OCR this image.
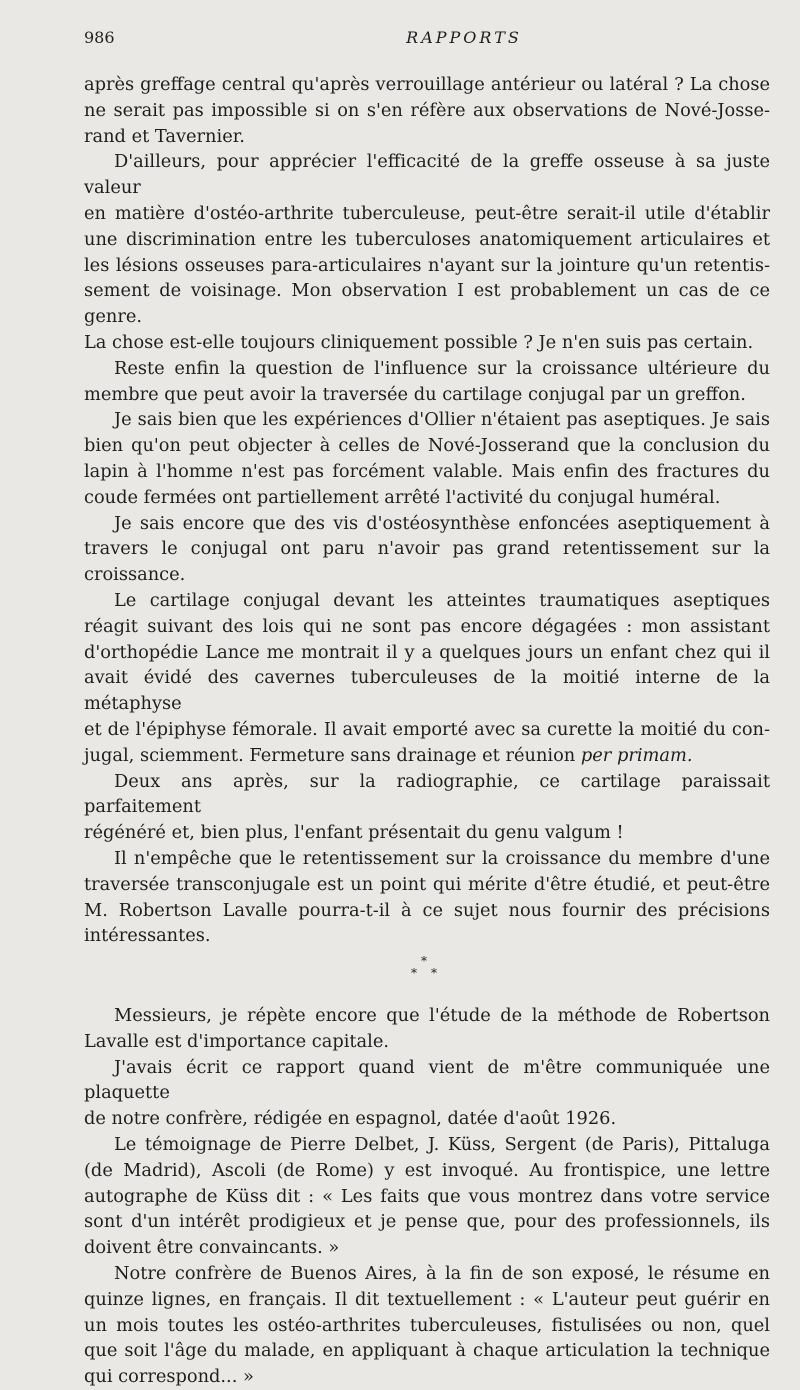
986	RAPPORTS

après greffage central qu'après verrouillage antérieur ou latéral ? La chose
ne serait pas impossible si on s'en réfère aux observations de Nové-Josse-
rand et Tavernier.

D'ailleurs, pour apprécier l'efficacité de la greffe osseuse à sa juste valeur
en matière d'ostéo-arthrite tuberculeuse, peut-être serait-il utile d'établir
une discrimination entre les tuberculoses anatomiquement articulaires et
les lésions osseuses para-articulaires n'ayant sur la jointure qu'un retentis-
sement de voisinage. Mon observation I est probablement un cas de ce genre.
La chose est-elle toujours cliniquement possible ? Je n'en suis pas certain.

Reste enfin la question de l'influence sur la croissance ultérieure du
membre que peut avoir la traversée du cartilage conjugal par un greffon.

Je sais bien que les expériences d'Ollier n'étaient pas aseptiques. Je sais
bien qu'on peut objecter à celles de Nové-Josserand que la conclusion du
lapin à l'homme n'est pas forcément valable. Mais enfin des fractures du
coude fermées ont partiellement arrêté l'activité du conjugal huméral.

Je sais encore que des vis d'ostéosynthèse enfoncées aseptiquement à
travers le conjugal ont paru n'avoir pas grand retentissement sur la
croissance.

Le cartilage conjugal devant les atteintes traumatiques aseptiques
réagit suivant des lois qui ne sont pas encore dégagées : mon assistant
d'orthopédie Lance me montrait il y a quelques jours un enfant chez qui il
avait évidé des cavernes tuberculeuses de la moitié interne de la métaphyse
et de l'épiphyse fémorale. Il avait emporté avec sa curette la moitié du con-
jugal, sciemment. Fermeture sans drainage et réunion per primam.

Deux ans après, sur la radiographie, ce cartilage paraissait parfaitement
régénéré et, bien plus, l'enfant présentait du genu valgum !

Il n'empêche que le retentissement sur la croissance du membre d'une
traversée transconjugale est un point qui mérite d'être étudié, et peut-être
M. Robertson Lavalle pourra-t-il à ce sujet nous fournir des précisions
intéressantes.

*
* *

Messieurs, je répète encore que l'étude de la méthode de Robertson
Lavalle est d'importance capitale.

J'avais écrit ce rapport quand vient de m'être communiquée une plaquette
de notre confrère, rédigée en espagnol, datée d'août 1926.

Le témoignage de Pierre Delbet, J. Küss, Sergent (de Paris), Pittaluga
(de Madrid), Ascoli (de Rome) y est invoqué. Au frontispice, une lettre
autographe de Küss dit : « Les faits que vous montrez dans votre service
sont d'un intérêt prodigieux et je pense que, pour des professionnels, ils
doivent être convaincants. »

Notre confrère de Buenos Aires, à la fin de son exposé, le résume en
quinze lignes, en français. Il dit textuellement : « L'auteur peut guérir en
un mois toutes les ostéo-arthrites tuberculeuses, fistulisées ou non, quel
que soit l'âge du malade, en appliquant à chaque articulation la technique
qui correspond... »
